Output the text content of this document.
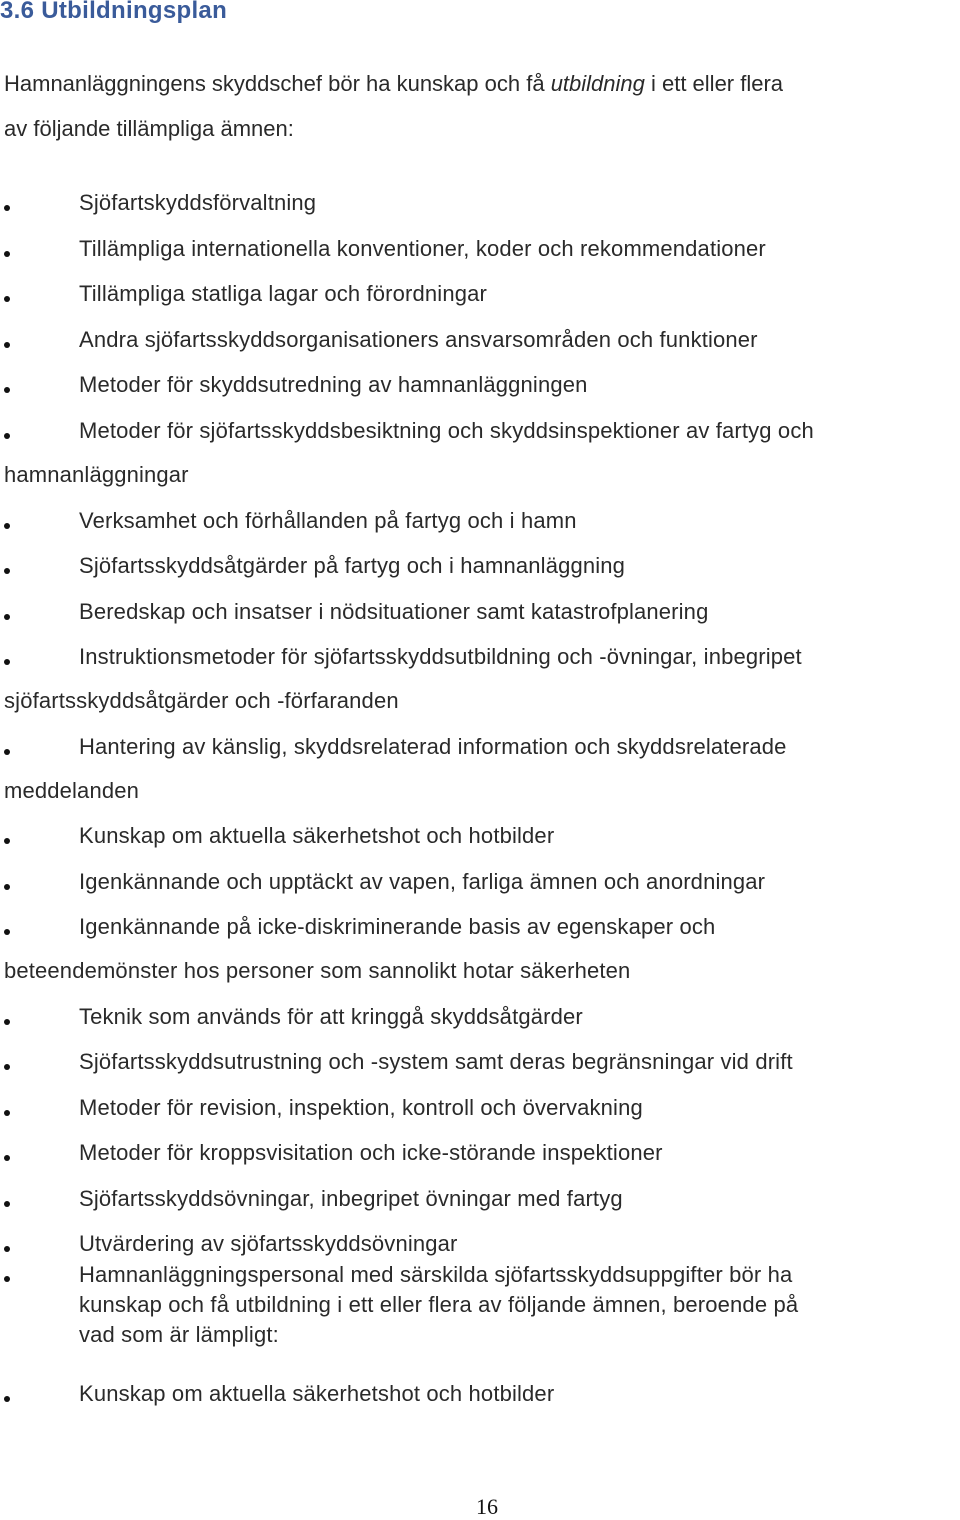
3.6 Utbildningsplan
Hamnanläggningens skyddschef bör ha kunskap och få utbildning i ett eller flera
av följande tillämpliga ämnen:
Sjöfartskyddsförvaltning
Tillämpliga internationella konventioner, koder och rekommendationer
Tillämpliga statliga lagar och förordningar
Andra sjöfartsskyddsorganisationers ansvarsområden och funktioner
Metoder för skyddsutredning av hamnanläggningen
Metoder för sjöfartsskyddsbesiktning och skyddsinspektioner av fartyg och
hamnanläggningar
Verksamhet och förhållanden på fartyg och i hamn
Sjöfartsskyddsåtgärder på fartyg och i hamnanläggning
Beredskap och insatser i nödsituationer samt katastrofplanering
Instruktionsmetoder för sjöfartsskyddsutbildning och -övningar, inbegripet
sjöfartsskyddsåtgärder och -förfaranden
Hantering av känslig, skyddsrelaterad information och skyddsrelaterade
meddelanden
Kunskap om aktuella säkerhetshot och hotbilder
Igenkännande och upptäckt av vapen, farliga ämnen och anordningar
Igenkännande på icke-diskriminerande basis av egenskaper och
beteendemönster hos personer som sannolikt hotar säkerheten
Teknik som används för att kringgå skyddsåtgärder
Sjöfartsskyddsutrustning och -system samt deras begränsningar vid drift
Metoder för revision, inspektion, kontroll och övervakning
Metoder för kroppsvisitation och icke-störande inspektioner
Sjöfartsskyddsövningar, inbegripet övningar med fartyg
Utvärdering av sjöfartsskyddsövningar
Hamnanläggningspersonal med särskilda sjöfartsskyddsuppgifter bör ha
kunskap och få utbildning i ett eller flera av följande ämnen, beroende på
vad som är lämpligt:
Kunskap om aktuella säkerhetshot och hotbilder
16
